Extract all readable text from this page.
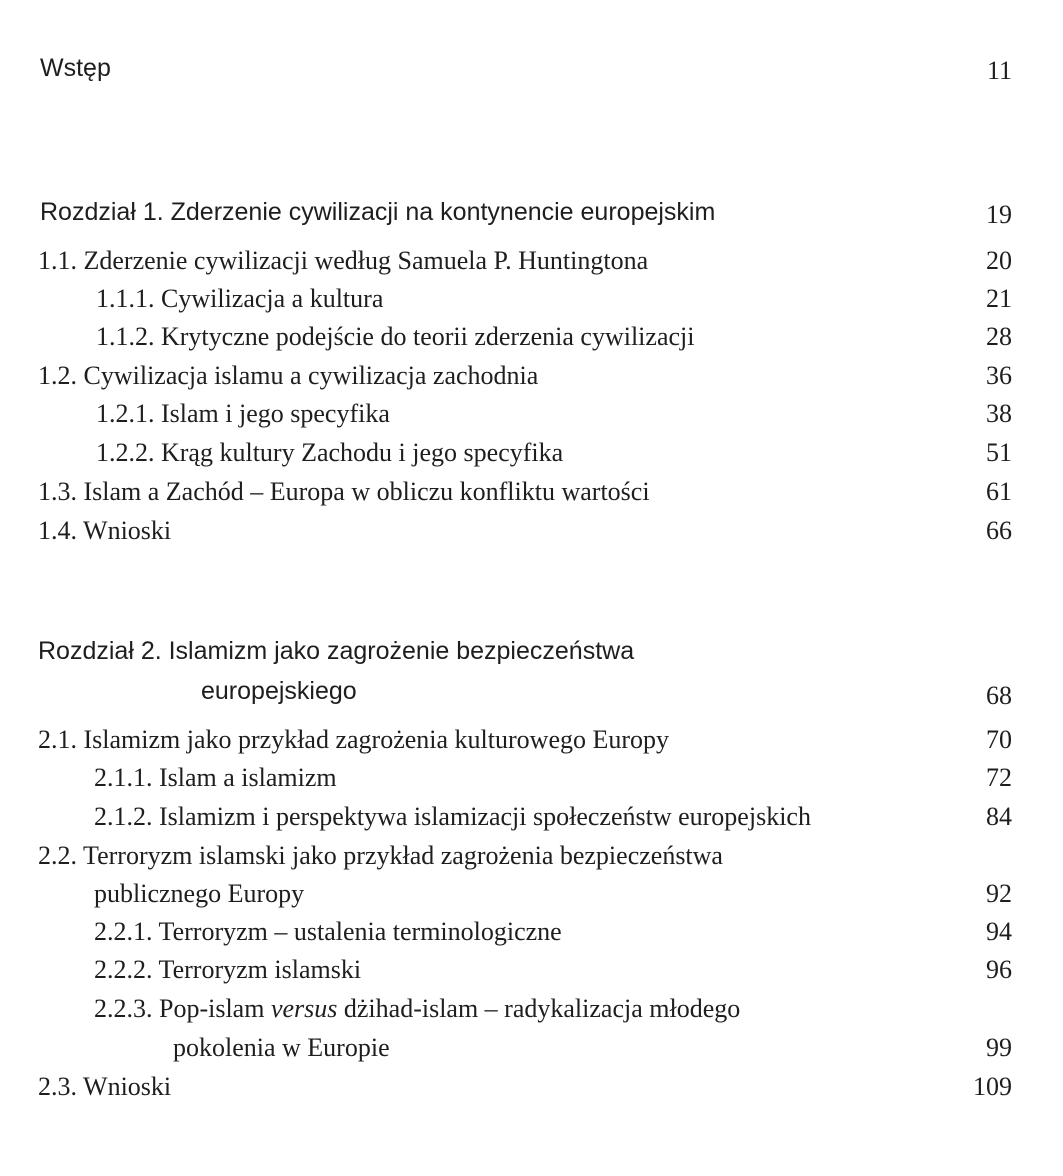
Wstęp	11
Rozdział 1. Zderzenie cywilizacji na kontynencie europejskim	19
1.1. Zderzenie cywilizacji według Samuela P. Huntingtona	20
1.1.1. Cywilizacja a kultura	21
1.1.2. Krytyczne podejście do teorii zderzenia cywilizacji	28
1.2. Cywilizacja islamu a cywilizacja zachodnia	36
1.2.1. Islam i jego specyfika	38
1.2.2. Krąg kultury Zachodu i jego specyfika	51
1.3. Islam a Zachód – Europa w obliczu konfliktu wartości	61
1.4. Wnioski	66
Rozdział 2. Islamizm jako zagrożenie bezpieczeństwa
europejskiego	68
2.1. Islamizm jako przykład zagrożenia kulturowego Europy	70
2.1.1. Islam a islamizm	72
2.1.2. Islamizm i perspektywa islamizacji społeczeństw europejskich	84
2.2. Terroryzm islamski jako przykład zagrożenia bezpieczeństwa
publicznego Europy	92
2.2.1. Terroryzm – ustalenia terminologiczne	94
2.2.2. Terroryzm islamski	96
2.2.3. Pop-islam versus dżihad-islam – radykalizacja młodego
pokolenia w Europie	99
2.3. Wnioski	109
